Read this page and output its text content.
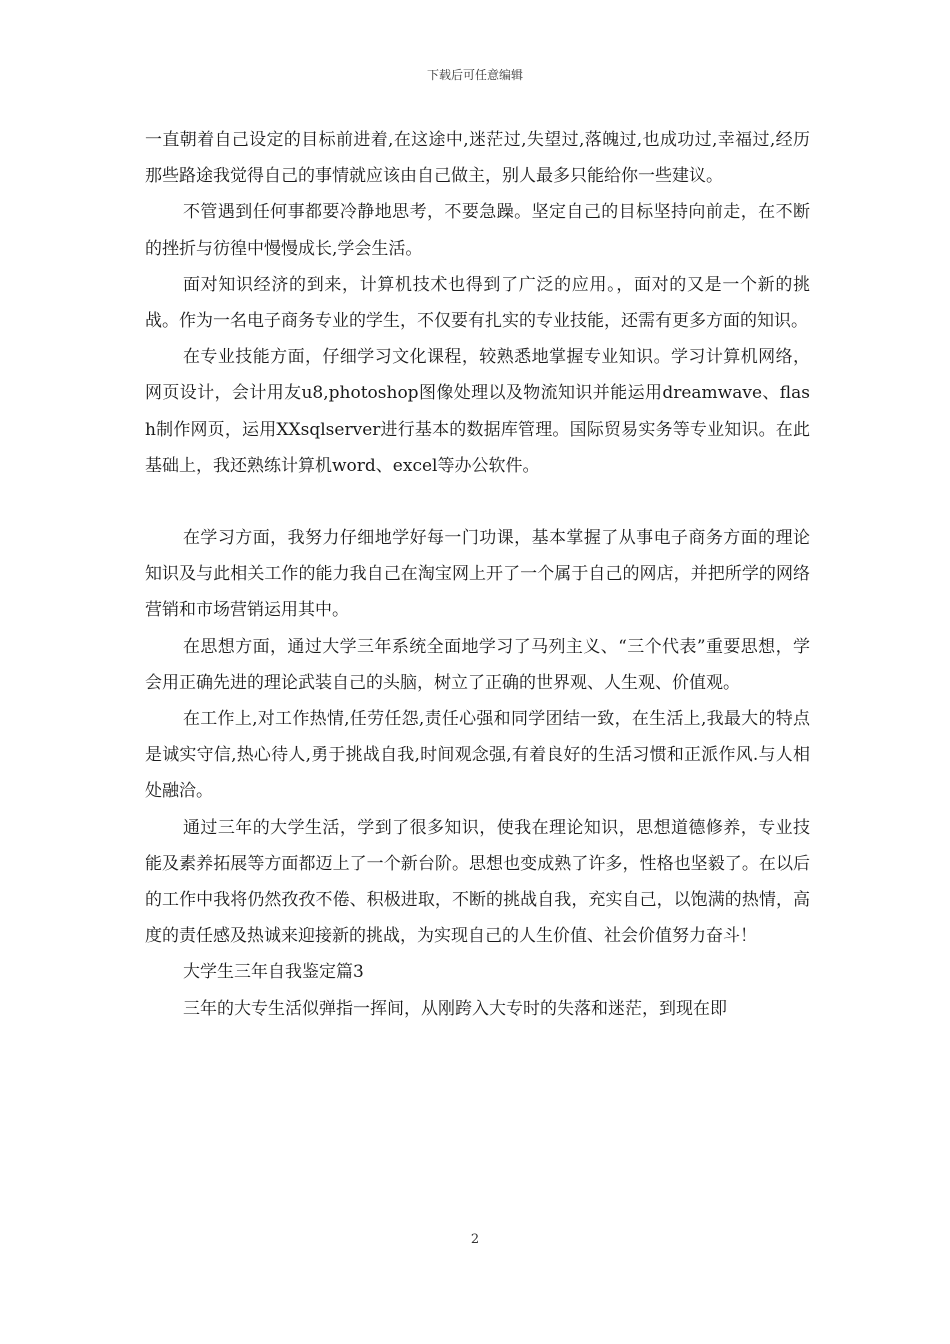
下载后可任意编辑

一直朝着自己设定的目标前进着,在这途中,迷茫过,失望过,落魄过,也成功过,幸福过,经历那些路途我觉得自己的事情就应该由自己做主，别人最多只能给你一些建议。

不管遇到任何事都要冷静地思考，不要急躁。坚定自己的目标坚持向前走，在不断的挫折与彷徨中慢慢成长,学会生活。

面对知识经济的到来，计算机技术也得到了广泛的应用。，面对的又是一个新的挑战。作为一名电子商务专业的学生，不仅要有扎实的专业技能，还需有更多方面的知识。

在专业技能方面，仔细学习文化课程，较熟悉地掌握专业知识。学习计算机网络，网页设计，会计用友u8,photoshop图像处理以及物流知识并能运用dreamwave、flash制作网页，运用XXsqlserver进行基本的数据库管理。国际贸易实务等专业知识。在此基础上，我还熟练计算机word、excel等办公软件。

在学习方面，我努力仔细地学好每一门功课，基本掌握了从事电子商务方面的理论知识及与此相关工作的能力我自己在淘宝网上开了一个属于自己的网店，并把所学的网络营销和市场营销运用其中。

在思想方面，通过大学三年系统全面地学习了马列主义、“三个代表”重要思想，学会用正确先进的理论武装自己的头脑，树立了正确的世界观、人生观、价值观。

在工作上,对工作热情,任劳任怨,责任心强和同学团结一致，在生活上,我最大的特点是诚实守信,热心待人,勇于挑战自我,时间观念强,有着良好的生活习惯和正派作风.与人相处融洽。

通过三年的大学生活，学到了很多知识，使我在理论知识，思想道德修养，专业技能及素养拓展等方面都迈上了一个新台阶。思想也变成熟了许多，性格也坚毅了。在以后的工作中我将仍然孜孜不倦、积极进取，不断的挑战自我，充实自己，以饱满的热情，高度的责任感及热诚来迎接新的挑战，为实现自己的人生价值、社会价值努力奋斗！

大学生三年自我鉴定篇3

三年的大专生活似弹指一挥间，从刚跨入大专时的失落和迷茫，到现在即

2
